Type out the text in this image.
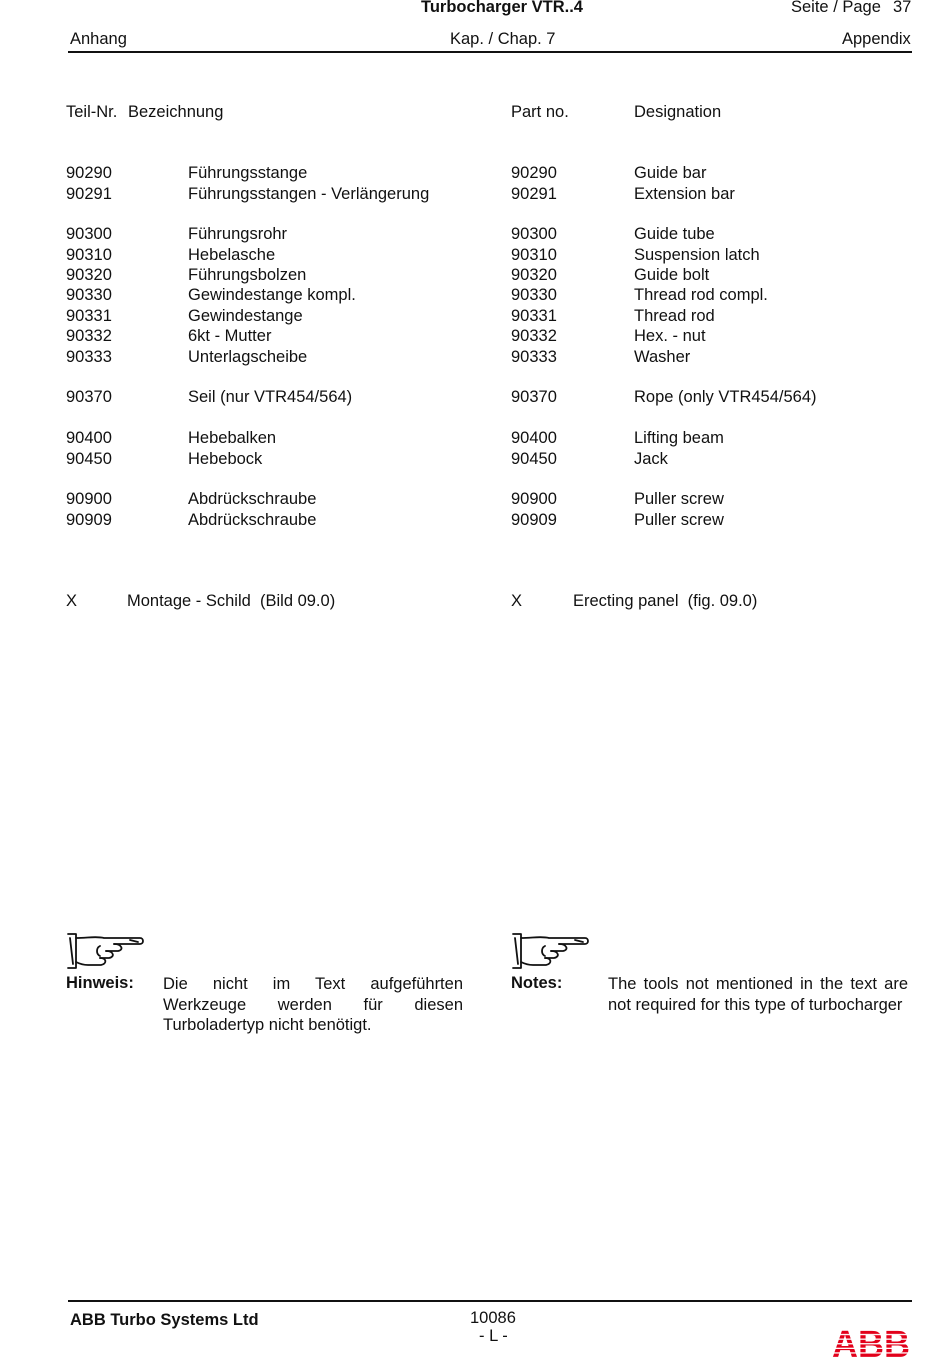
Turbocharger VTR..4	Seite / Page 37
Anhang	Kap. / Chap. 7	Appendix
Teil-Nr. Bezeichnung	Part no.	Designation
90290	Führungsstange	90290	Guide bar
90291	Führungsstangen - Verlängerung	90291	Extension bar
90300	Führungsrohr	90300	Guide tube
90310	Hebelasche	90310	Suspension latch
90320	Führungsbolzen	90320	Guide bolt
90330	Gewindestange kompl.	90330	Thread rod compl.
90331	Gewindestange	90331	Thread rod
90332	6kt - Mutter	90332	Hex. - nut
90333	Unterlagscheibe	90333	Washer
90370	Seil (nur VTR454/564)	90370	Rope (only VTR454/564)
90400	Hebebalken	90400	Lifting beam
90450	Hebebock	90450	Jack
90900	Abdrückschraube	90900	Puller screw
90909	Abdrückschraube	90909	Puller screw
X	Montage - Schild  (Bild 09.0)	X	Erecting panel  (fig. 09.0)
Hinweis: Die nicht im Text aufgeführten Werkzeuge werden für diesen Turboladertyp nicht benötigt.
Notes:	The tools not mentioned in the text are not required for this type of turbocharger
ABB Turbo Systems Ltd	10086
- L -	ABB
